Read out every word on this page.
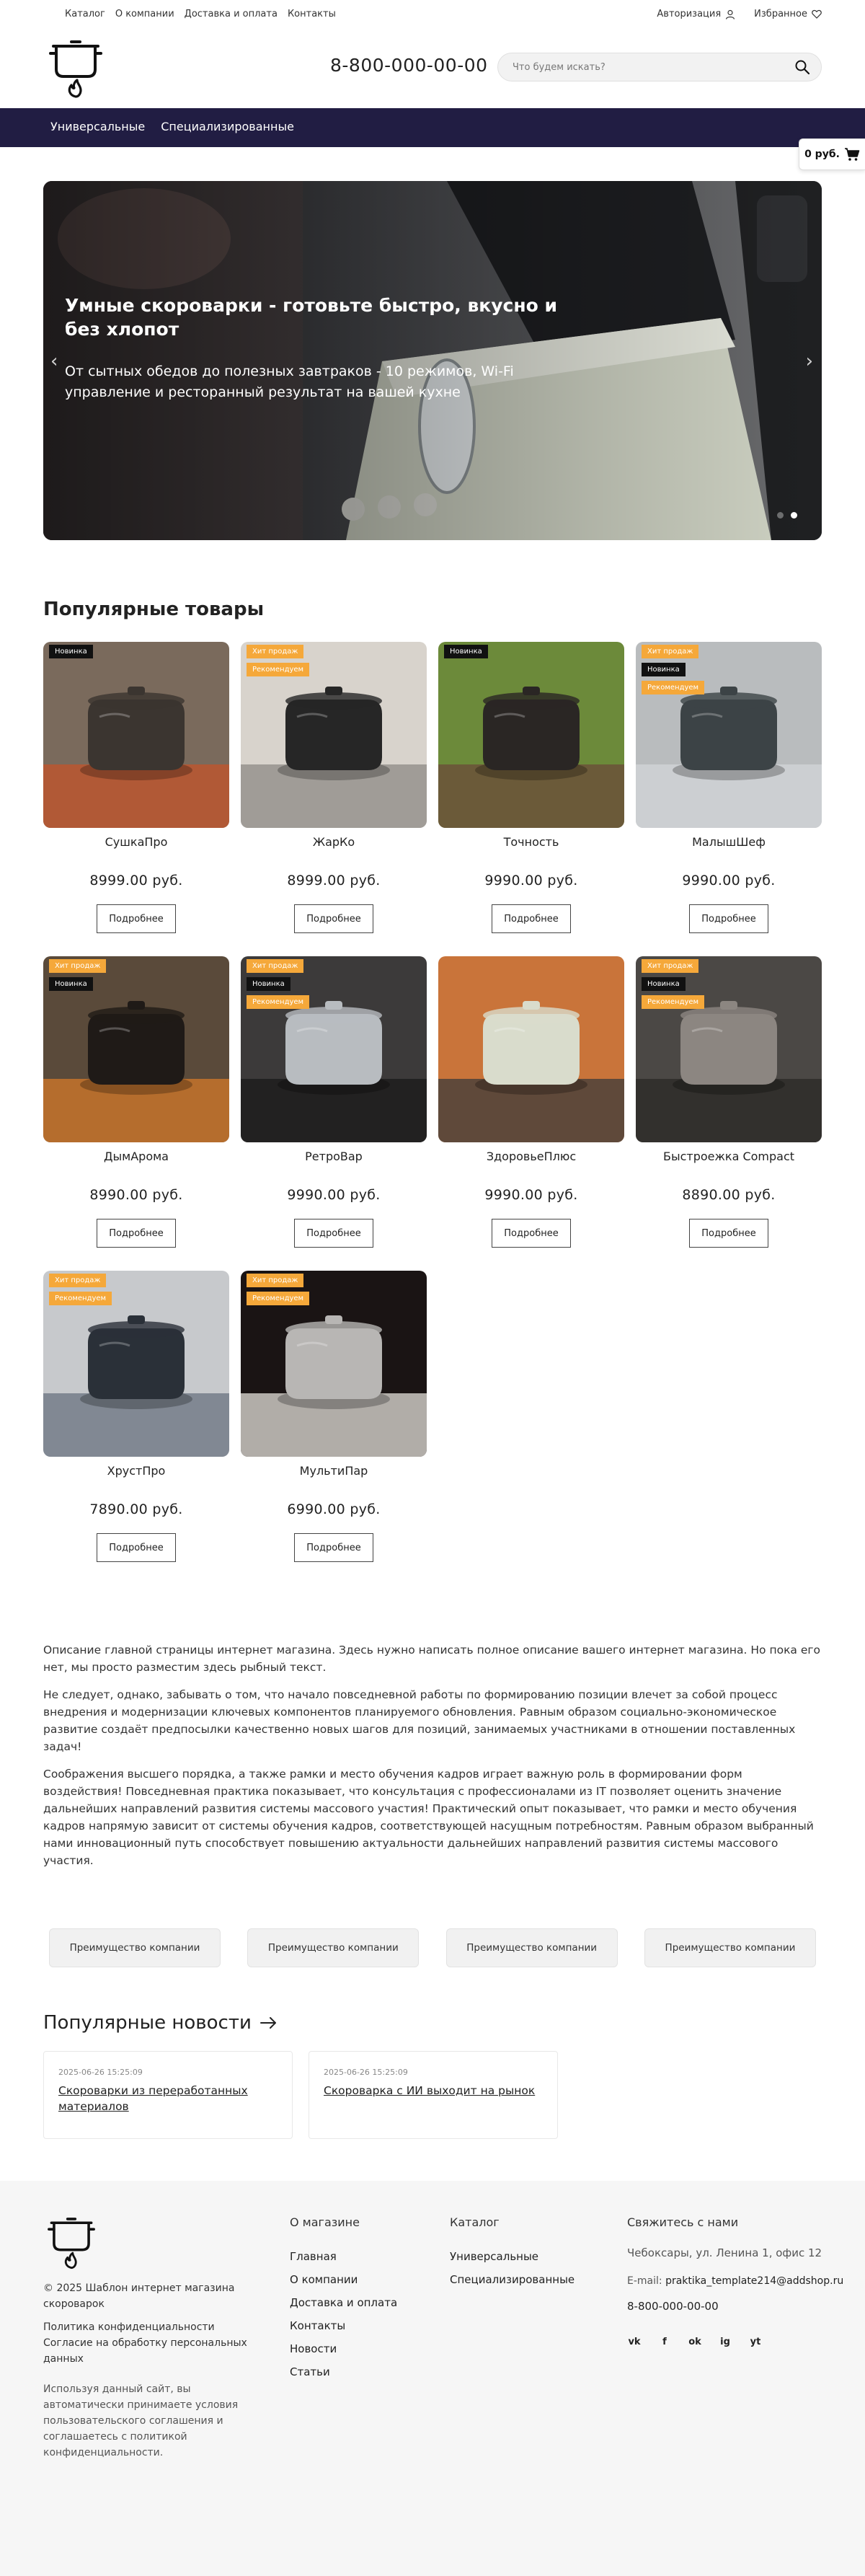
Каталог О компании Доставка и оплата Контакты	Авторизация	Избранное
8-800-000-00-00
Что будем искать?
Универсальные Специализированные
0 руб.
Умные скороварки - готовьте быстро, вкусно и без хлопот
От сытных обедов до полезных завтраков - 10 режимов, Wi-Fi управление и ресторанный результат на вашей кухне
‹	›
Популярные товары
Новинка
СушкаПро
8999.00 руб.
Подробнее
Хит продаж
Рекомендуем
ЖарКо
8999.00 руб.
Подробнее
Новинка
Точность
9990.00 руб.
Подробнее
Хит продаж
Новинка
Рекомендуем
МалышШеф
9990.00 руб.
Подробнее
Хит продаж
Новинка
ДымАрома
8990.00 руб.
Подробнее
Хит продаж
Новинка
Рекомендуем
РетроВар
9990.00 руб.
Подробнее
ЗдоровьеПлюс
9990.00 руб.
Подробнее
Хит продаж
Новинка
Рекомендуем
Быстроежка Compact
8890.00 руб.
Подробнее
Хит продаж
Рекомендуем
ХрустПро
7890.00 руб.
Подробнее
Хит продаж
Рекомендуем
МультиПар
6990.00 руб.
Подробнее

Описание главной страницы интернет магазина. Здесь нужно написать полное описание вашего интернет магазина. Но пока его нет, мы просто разместим здесь рыбный текст.

Не следует, однако, забывать о том, что начало повседневной работы по формированию позиции влечет за собой процесс внедрения и модернизации ключевых компонентов планируемого обновления. Равным образом социально-экономическое развитие создаёт предпосылки качественно новых шагов для позиций, занимаемых участниками в отношении поставленных задач!

Соображения высшего порядка, а также рамки и место обучения кадров играет важную роль в формировании форм воздействия! Повседневная практика показывает, что консультация с профессионалами из IT позволяет оценить значение дальнейших направлений развития системы массового участия! Практический опыт показывает, что рамки и место обучения кадров напрямую зависит от системы обучения кадров, соответствующей насущным потребностям. Равным образом выбранный нами инновационный путь способствует повышению актуальности дальнейших направлений развития системы массового участия.

Преимущество компании	Преимущество компании	Преимущество компании	Преимущество компании
Популярные новости
2025-06-26 15:25:09
Скороварки из переработанных материалов
2025-06-26 15:25:09
Скороварка с ИИ выходит на рынок
© 2025 Шаблон интернет магазина скороварок
Политика конфиденциальности
Согласие на обработку персональных данных
Используя данный сайт, вы автоматически принимаете условия пользовательского соглашения и соглашаетесь с политикой конфиденциальности.
О магазине
Главная
О компании
Доставка и оплата
Контакты
Новости
Статьи
Каталог
Универсальные
Специализированные
Свяжитесь с нами
Чебоксары, ул. Ленина 1, офис 12
E-mail: praktika_template214@addshop.ru
8-800-000-00-00
vk	f	ok ig yt
